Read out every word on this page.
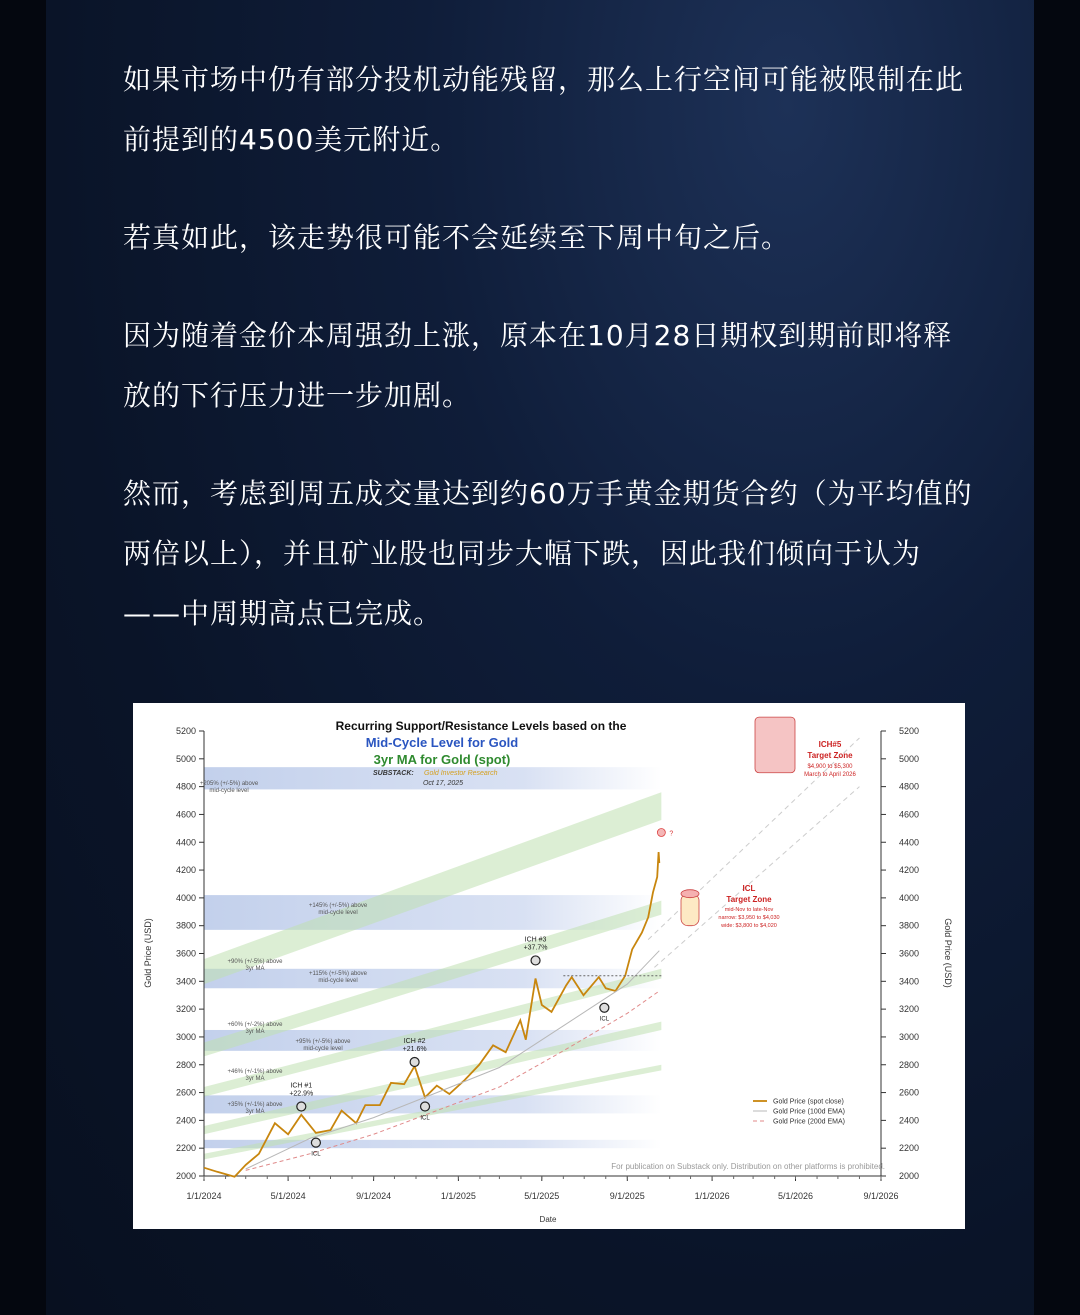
如果市场中仍有部分投机动能残留，那么上行空间可能被限制在此前提到的4500美元附近。

若真如此，该走势很可能不会延续至下周中旬之后。

因为随着金价本周强劲上涨，原本在10月28日期权到期前即将释放的下行压力进一步加剧。

然而，考虑到周五成交量达到约60万手黄金期货合约（为平均值的两倍以上），并且矿业股也同步大幅下跌，因此我们倾向于认为——中周期高点已完成。

2000	2000
2200	2200
2400	2400
2600	2600
2800	2800
3000	3000
3200	3200
3400	3400
3600	3600
3800	3800
4000	4000
4200	4200
4400	4400
4600	4600
4800	4800
5000	5000
5200	5200
1/1/2024	5/1/2024	9/1/2024	1/1/2025	5/1/2025	9/1/2025	1/1/2026	5/1/2026	9/1/2026
ICH #1
+22.9%
ICH #2
+21.6%
ICH #3
+37.7%
ICL
ICL
ICL
?
+205% (+/-5%) above
mid-cycle level
+145% (+/-5%) above
mid-cycle level
+115% (+/-5%) above
mid-cycle level
+95% (+/-5%) above
mid-cycle level
+90% (+/-5%) above
3yr MA
+60% (+/-2%) above
3yr MA
+46% (+/-1%) above
3yr MA
+35% (+/-1%) above
3yr MA
ICH#5
Target Zone
$4,900 to $5,300
March to April 2026
ICL
Target Zone
mid-Nov to late-Nov
narrow: $3,950 to $4,030
wide: $3,800 to $4,020
Gold Price (spot close)
Gold Price (100d EMA)
Gold Price (200d EMA)
Recurring Support/Resistance Levels based on the
Mid-Cycle Level for Gold
3yr MA for Gold (spot)
SUBSTACK: Gold Investor Research
Oct 17, 2025
Date
Gold Price (USD)	Gold Price (USD)
For publication on Substack only. Distribution on other platforms is prohibited.
